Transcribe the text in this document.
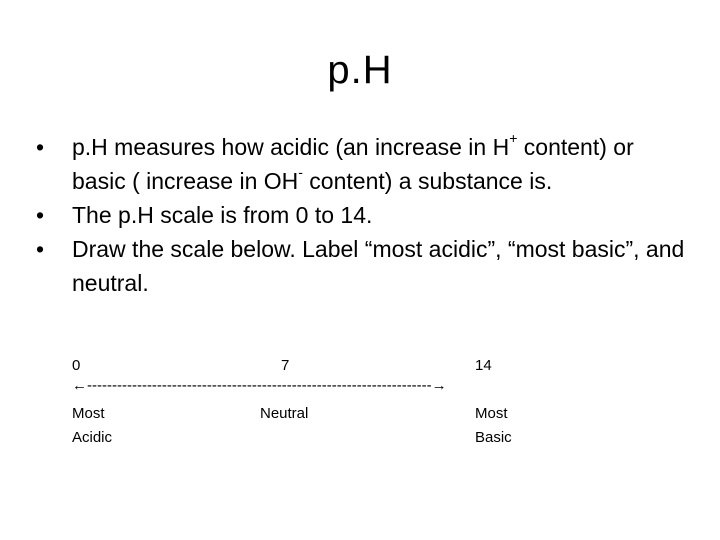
p.H
• p.H measures how acidic (an increase in H+ content) or basic ( increase in OH- content) a substance is.
• The p.H scale is from 0 to 14.
• Draw the scale below. Label “most acidic”, “most basic”, and neutral.
0	7	14
←---------------------------------------------------------------------→
Most
Acidic
Neutral	Most
Basic
